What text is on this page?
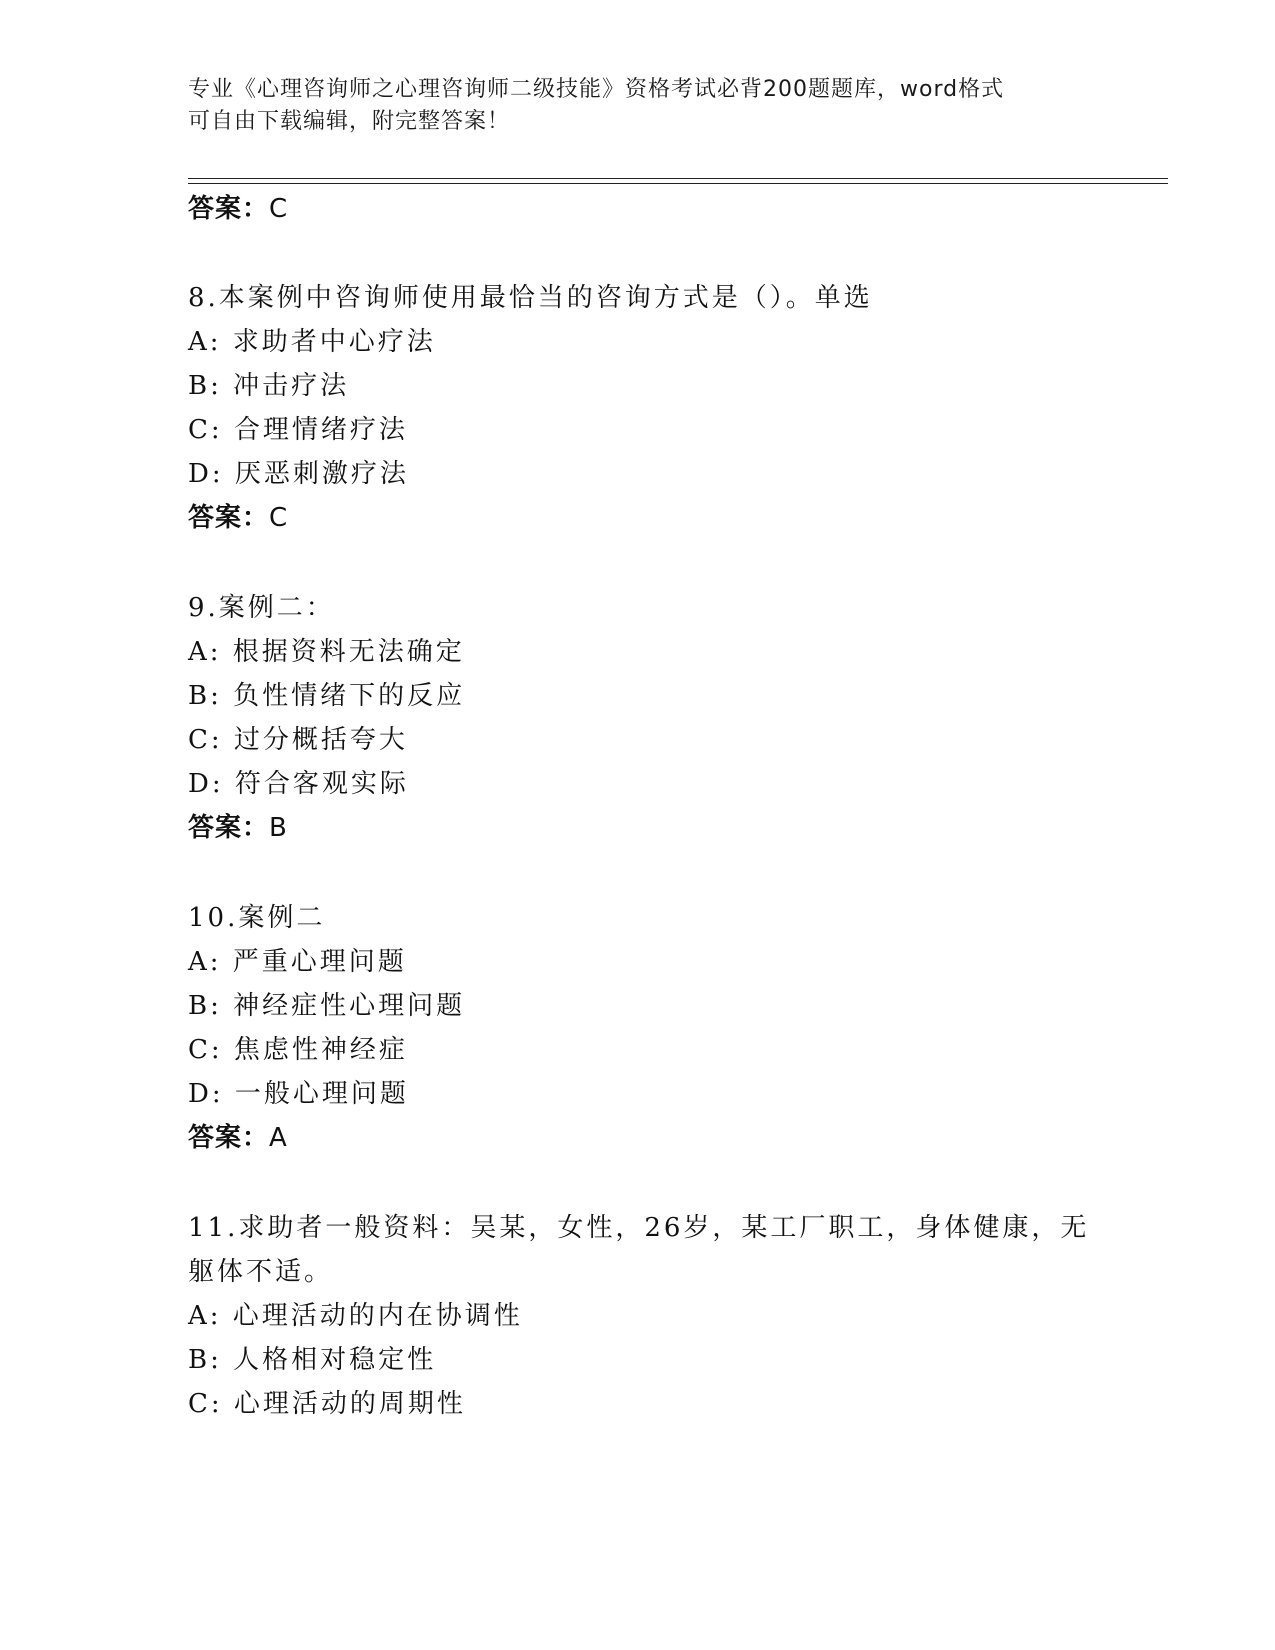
专业《心理咨询师之心理咨询师二级技能》资格考试必背200题题库，word格式
可自由下载编辑，附完整答案！
答案：C
8.本案例中咨询师使用最恰当的咨询方式是（）。单选
A: 求助者中心疗法
B: 冲击疗法
C: 合理情绪疗法
D: 厌恶刺激疗法
答案：C
9.案例二：
A: 根据资料无法确定
B: 负性情绪下的反应
C: 过分概括夸大
D: 符合客观实际
答案：B
10.案例二
A: 严重心理问题
B: 神经症性心理问题
C: 焦虑性神经症
D: 一般心理问题
答案：A
11.求助者一般资料：吴某，女性，26岁，某工厂职工，身体健康，无
躯体不适。
A: 心理活动的内在协调性
B: 人格相对稳定性
C: 心理活动的周期性
